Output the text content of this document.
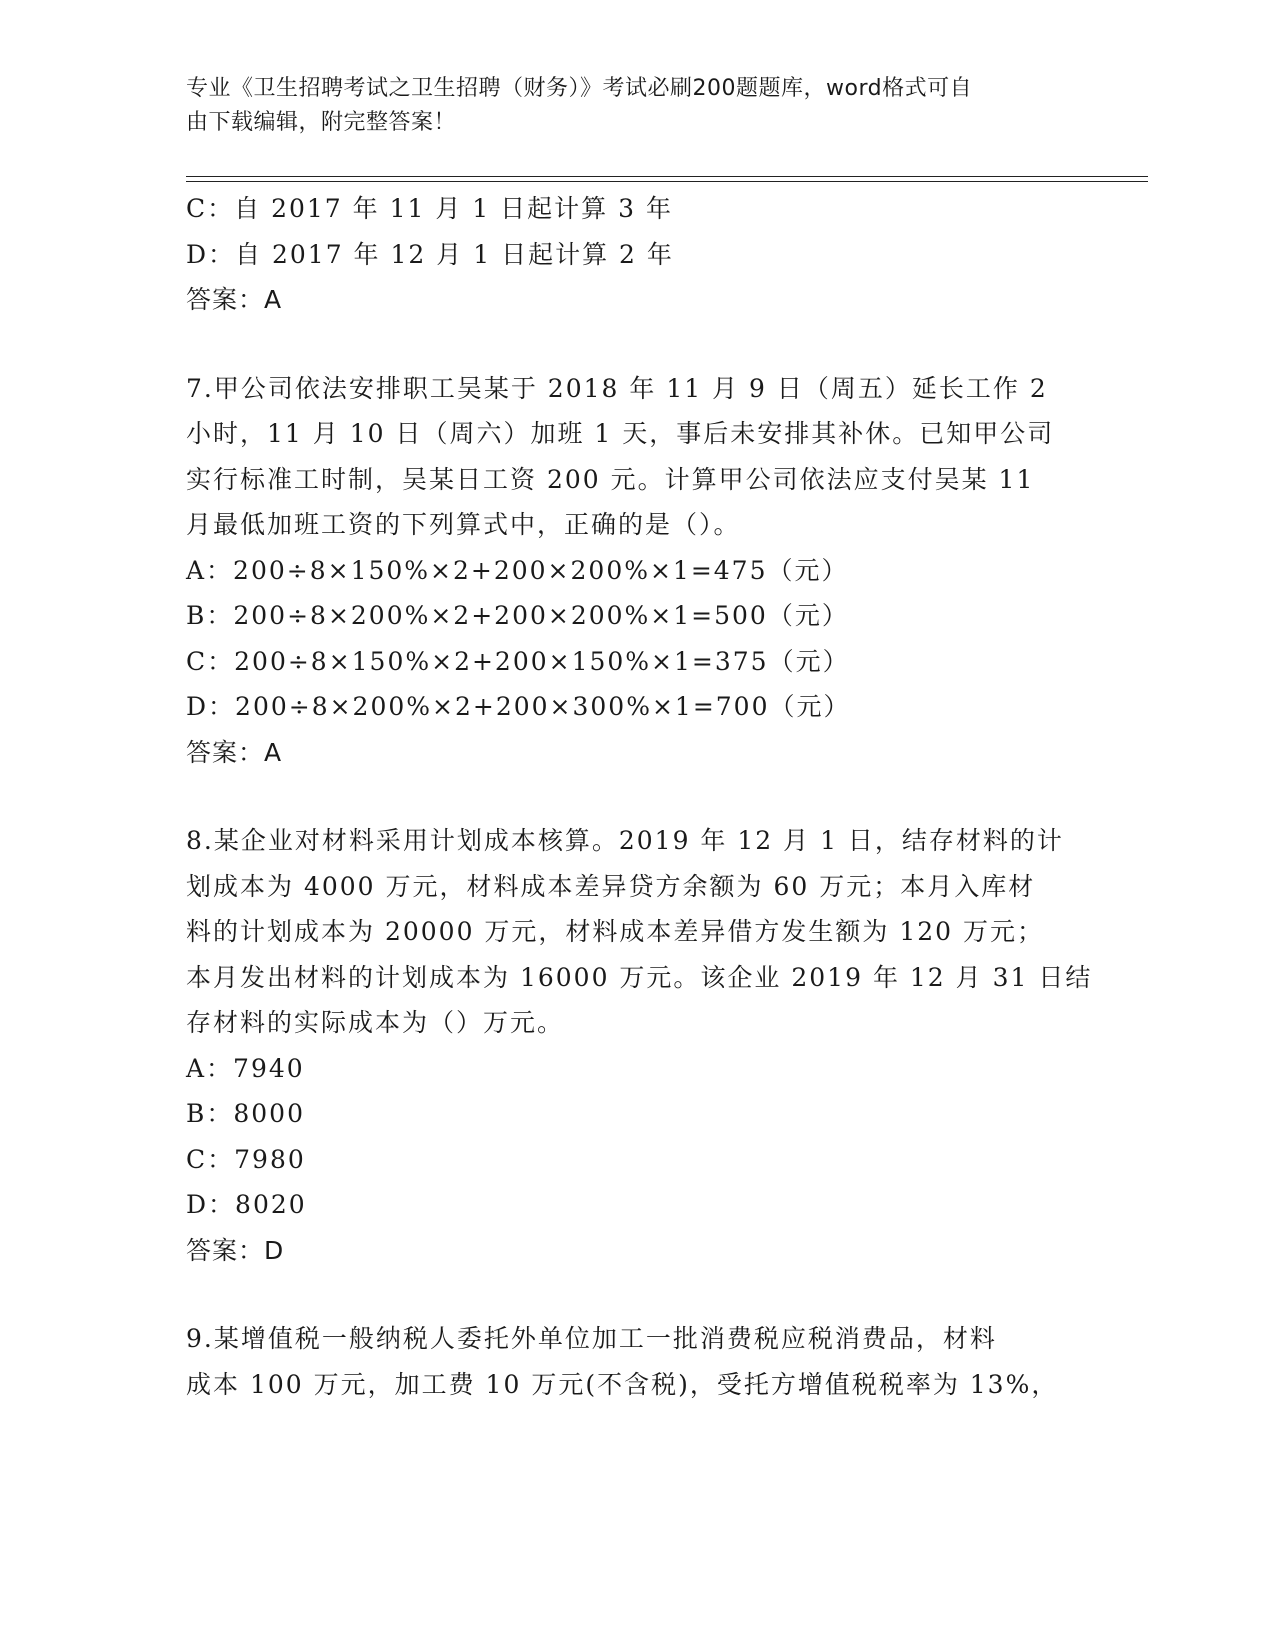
专业《卫生招聘考试之卫生招聘（财务）》考试必刷200题题库，word格式可自
由下载编辑，附完整答案！
C：自 2017 年 11 月 1 日起计算 3 年
D：自 2017 年 12 月 1 日起计算 2 年
答案：A
7.甲公司依法安排职工吴某于 2018 年 11 月 9 日（周五）延长工作 2
小时，11 月 10 日（周六）加班 1 天，事后未安排其补休。已知甲公司
实行标准工时制，吴某日工资 200 元。计算甲公司依法应支付吴某 11
月最低加班工资的下列算式中，正确的是（）。
A：200÷8×150%×2+200×200%×1=475（元）
B：200÷8×200%×2+200×200%×1=500（元）
C：200÷8×150%×2+200×150%×1=375（元）
D：200÷8×200%×2+200×300%×1=700（元）
答案：A
8.某企业对材料采用计划成本核算。2019 年 12 月 1 日，结存材料的计
划成本为 4000 万元，材料成本差异贷方余额为 60 万元；本月入库材
料的计划成本为 20000 万元，材料成本差异借方发生额为 120 万元；
本月发出材料的计划成本为 16000 万元。该企业 2019 年 12 月 31 日结
存材料的实际成本为（）万元。
A：7940
B：8000
C：7980
D：8020
答案：D
9.某增值税一般纳税人委托外单位加工一批消费税应税消费品，材料
成本 100 万元，加工费 10 万元(不含税)，受托方增值税税率为 13%，
